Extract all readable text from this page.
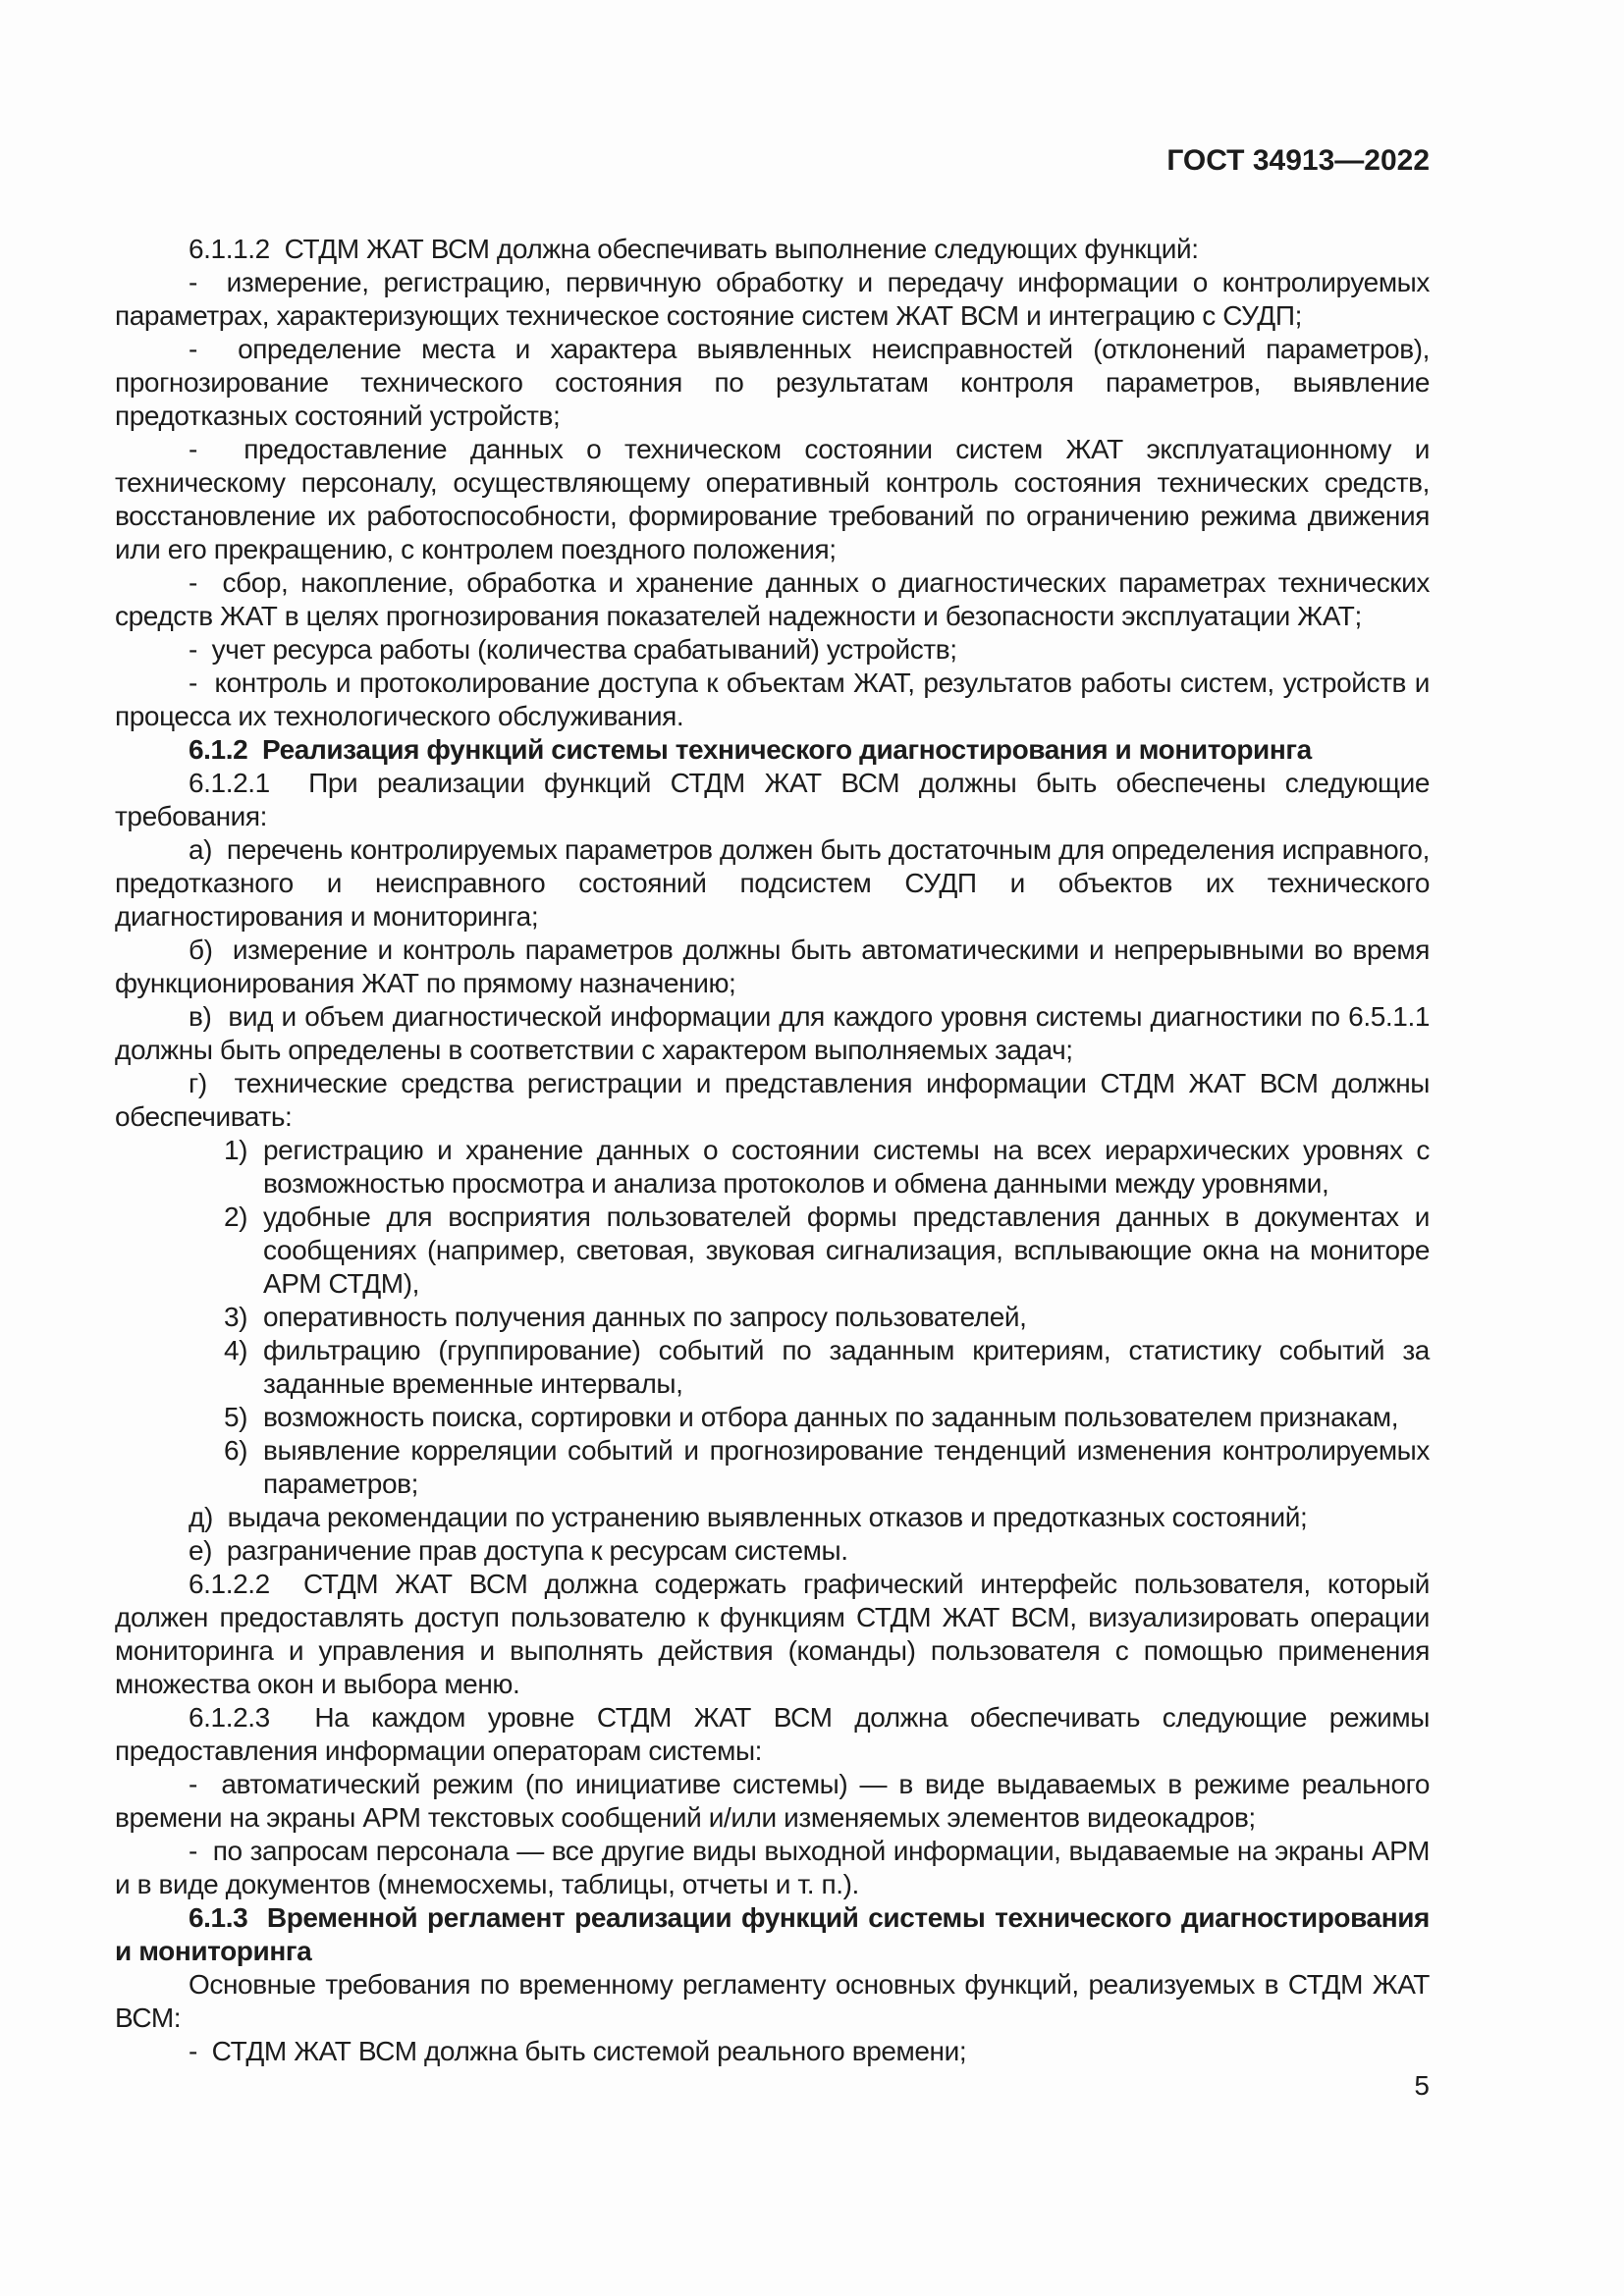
ГОСТ 34913—2022

6.1.1.2  СТДМ ЖАТ ВСМ должна обеспечивать выполнение следующих функций:

-  измерение, регистрацию, первичную обработку и передачу информации о контролируемых параметрах, характеризующих техническое состояние систем ЖАТ ВСМ и интеграцию с СУДП;

-  определение места и характера выявленных неисправностей (отклонений параметров), прогнозирование технического состояния по результатам контроля параметров, выявление предотказных состояний устройств;

-  предоставление данных о техническом состоянии систем ЖАТ эксплуатационному и техническому персоналу, осуществляющему оперативный контроль состояния технических средств, восстановление их работоспособности, формирование требований по ограничению режима движения или его прекращению, с контролем поездного положения;

-  сбор, накопление, обработка и хранение данных о диагностических параметрах технических средств ЖАТ в целях прогнозирования показателей надежности и безопасности эксплуатации ЖАТ;

-  учет ресурса работы (количества срабатываний) устройств;

-  контроль и протоколирование доступа к объектам ЖАТ, результатов работы систем, устройств и процесса их технологического обслуживания.

6.1.2  Реализация функций системы технического диагностирования и мониторинга

6.1.2.1  При реализации функций СТДМ ЖАТ ВСМ должны быть обеспечены следующие требования:

а)  перечень контролируемых параметров должен быть достаточным для определения исправного, предотказного и неисправного состояний подсистем СУДП и объектов их технического диагностирования и мониторинга;

б)  измерение и контроль параметров должны быть автоматическими и непрерывными во время функционирования ЖАТ по прямому назначению;

в)  вид и объем диагностической информации для каждого уровня системы диагностики по 6.5.1.1 должны быть определены в соответствии с характером выполняемых задач;

г)  технические средства регистрации и представления информации СТДМ ЖАТ ВСМ должны обеспечивать:

1) регистрацию и хранение данных о состоянии системы на всех иерархических уровнях с возможностью просмотра и анализа протоколов и обмена данными между уровнями,

2) удобные для восприятия пользователей формы представления данных в документах и сообщениях (например, световая, звуковая сигнализация, всплывающие окна на мониторе АРМ СТДМ),

3) оперативность получения данных по запросу пользователей,

4) фильтрацию (группирование) событий по заданным критериям, статистику событий за заданные временные интервалы,

5) возможность поиска, сортировки и отбора данных по заданным пользователем признакам,

6) выявление корреляции событий и прогнозирование тенденций изменения контролируемых параметров;

д)  выдача рекомендации по устранению выявленных отказов и предотказных состояний;

е)  разграничение прав доступа к ресурсам системы.

6.1.2.2  СТДМ ЖАТ ВСМ должна содержать графический интерфейс пользователя, который должен предоставлять доступ пользователю к функциям СТДМ ЖАТ ВСМ, визуализировать операции мониторинга и управления и выполнять действия (команды) пользователя с помощью применения множества окон и выбора меню.

6.1.2.3  На каждом уровне СТДМ ЖАТ ВСМ должна обеспечивать следующие режимы предоставления информации операторам системы:

-  автоматический режим (по инициативе системы) — в виде выдаваемых в режиме реального времени на экраны АРМ текстовых сообщений и/или изменяемых элементов видеокадров;

-  по запросам персонала — все другие виды выходной информации, выдаваемые на экраны АРМ и в виде документов (мнемосхемы, таблицы, отчеты и т. п.).

6.1.3  Временной регламент реализации функций системы технического диагностирования и мониторинга

Основные требования по временному регламенту основных функций, реализуемых в СТДМ ЖАТ ВСМ:

-  СТДМ ЖАТ ВСМ должна быть системой реального времени;

5
